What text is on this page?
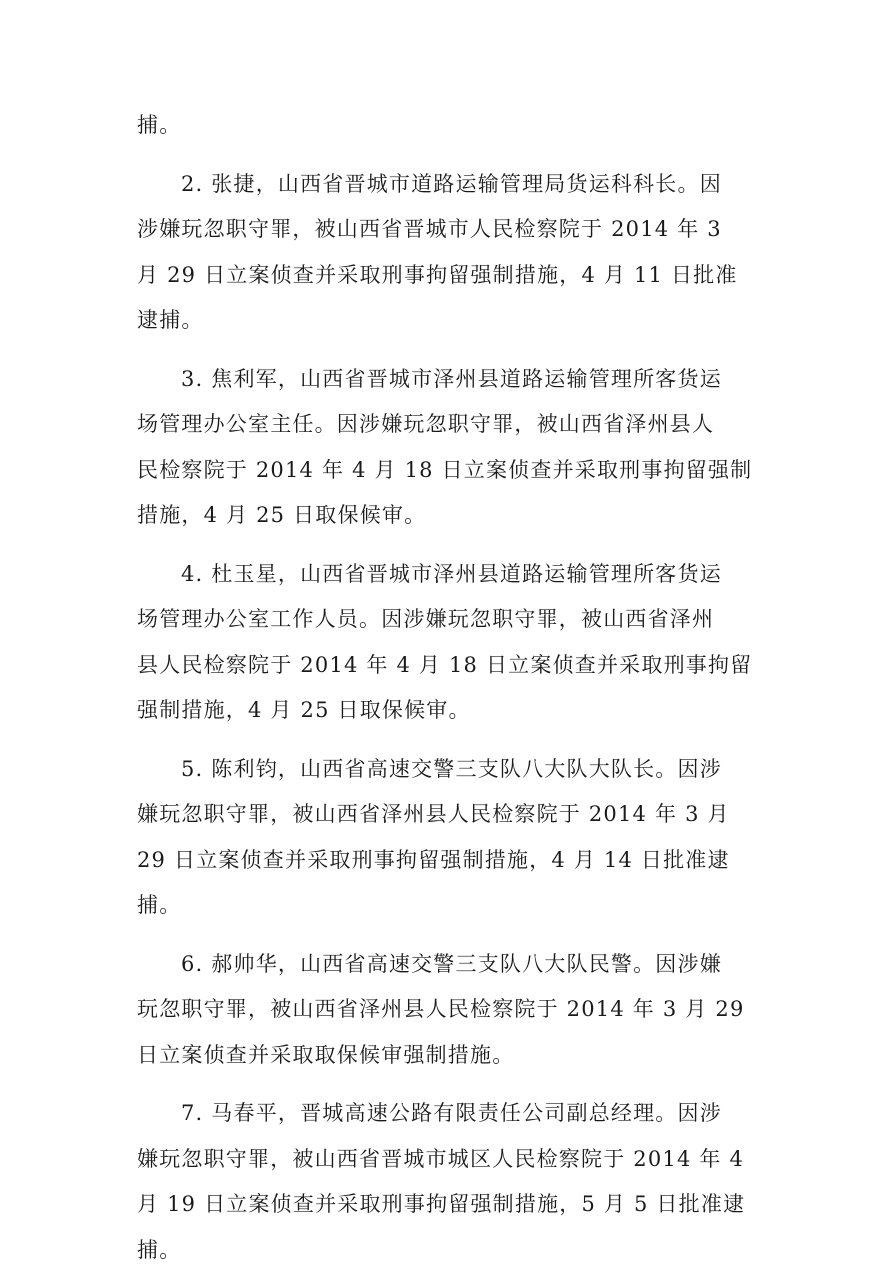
捕。
2. 张捷，山西省晋城市道路运输管理局货运科科长。因
涉嫌玩忽职守罪，被山西省晋城市人民检察院于 2014 年 3
月 29 日立案侦查并采取刑事拘留强制措施，4 月 11 日批准
逮捕。
3. 焦利军，山西省晋城市泽州县道路运输管理所客货运
场管理办公室主任。因涉嫌玩忽职守罪，被山西省泽州县人
民检察院于 2014 年 4 月 18 日立案侦查并采取刑事拘留强制
措施，4 月 25 日取保候审。
4. 杜玉星，山西省晋城市泽州县道路运输管理所客货运
场管理办公室工作人员。因涉嫌玩忽职守罪，被山西省泽州
县人民检察院于 2014 年 4 月 18 日立案侦查并采取刑事拘留
强制措施，4 月 25 日取保候审。
5. 陈利钧，山西省高速交警三支队八大队大队长。因涉
嫌玩忽职守罪，被山西省泽州县人民检察院于 2014 年 3 月
29 日立案侦查并采取刑事拘留强制措施，4 月 14 日批准逮
捕。
6. 郝帅华，山西省高速交警三支队八大队民警。因涉嫌
玩忽职守罪，被山西省泽州县人民检察院于 2014 年 3 月 29
日立案侦查并采取取保候审强制措施。
7. 马春平，晋城高速公路有限责任公司副总经理。因涉
嫌玩忽职守罪，被山西省晋城市城区人民检察院于 2014 年 4
月 19 日立案侦查并采取刑事拘留强制措施，5 月 5 日批准逮
捕。
